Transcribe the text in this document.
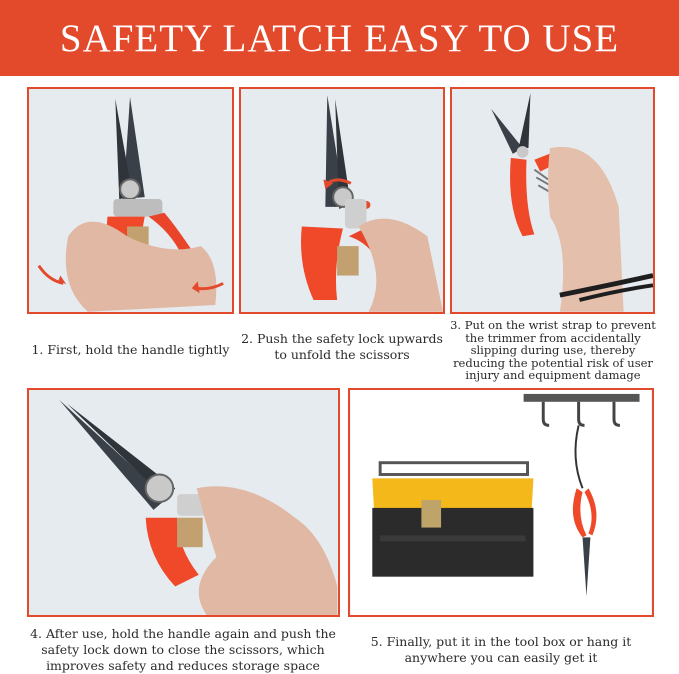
SAFETY LATCH EASY TO USE
1. First, hold the handle tightly
2. Push the safety lock upwards to unfold the scissors
3. Put on the wrist strap to prevent the trimmer from accidentally slipping during use, thereby reducing the potential risk of user injury and equipment damage
4. After use, hold the handle again and push the safety lock down to close the scissors, which improves safety and reduces storage space
5. Finally, put it in the tool box or hang it anywhere you can easily get it
